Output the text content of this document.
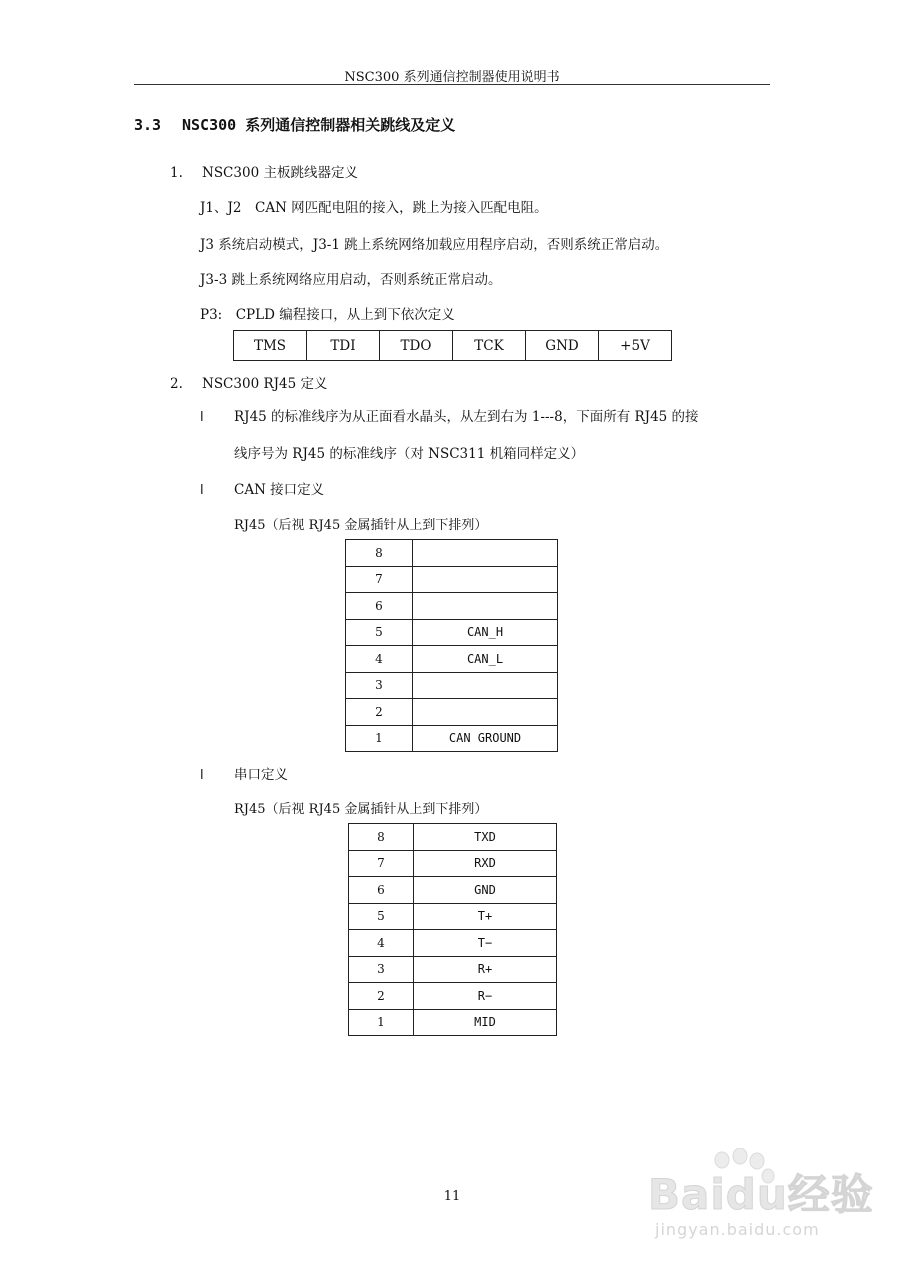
NSC300 系列通信控制器使用说明书
3.3 NSC300 系列通信控制器相关跳线及定义
1. NSC300 主板跳线器定义
J1、J2　CAN 网匹配电阻的接入，跳上为接入匹配电阻。
J3 系统启动模式，J3-1 跳上系统网络加载应用程序启动，否则系统正常启动。
J3-3 跳上系统网络应用启动，否则系统正常启动。
P3:　CPLD 编程接口，从上到下依次定义
TMS	TDI	TDO	TCK	GND	+5V
2. NSC300 RJ45 定义
l RJ45 的标准线序为从正面看水晶头，从左到右为 1---8，下面所有 RJ45 的接
线序号为 RJ45 的标准线序（对 NSC311 机箱同样定义）
l CAN 接口定义
RJ45（后视 RJ45 金属插针从上到下排列）
8	
7	
6	
5	CAN_H
4	CAN_L
3	
2	
1	CAN GROUND
l 串口定义
RJ45（后视 RJ45 金属插针从上到下排列）
8	TXD
7	RXD
6	GND
5	T+
4	T−
3	R+
2	R−
1	MID
11	Baidu经验
jingyan.baidu.com
